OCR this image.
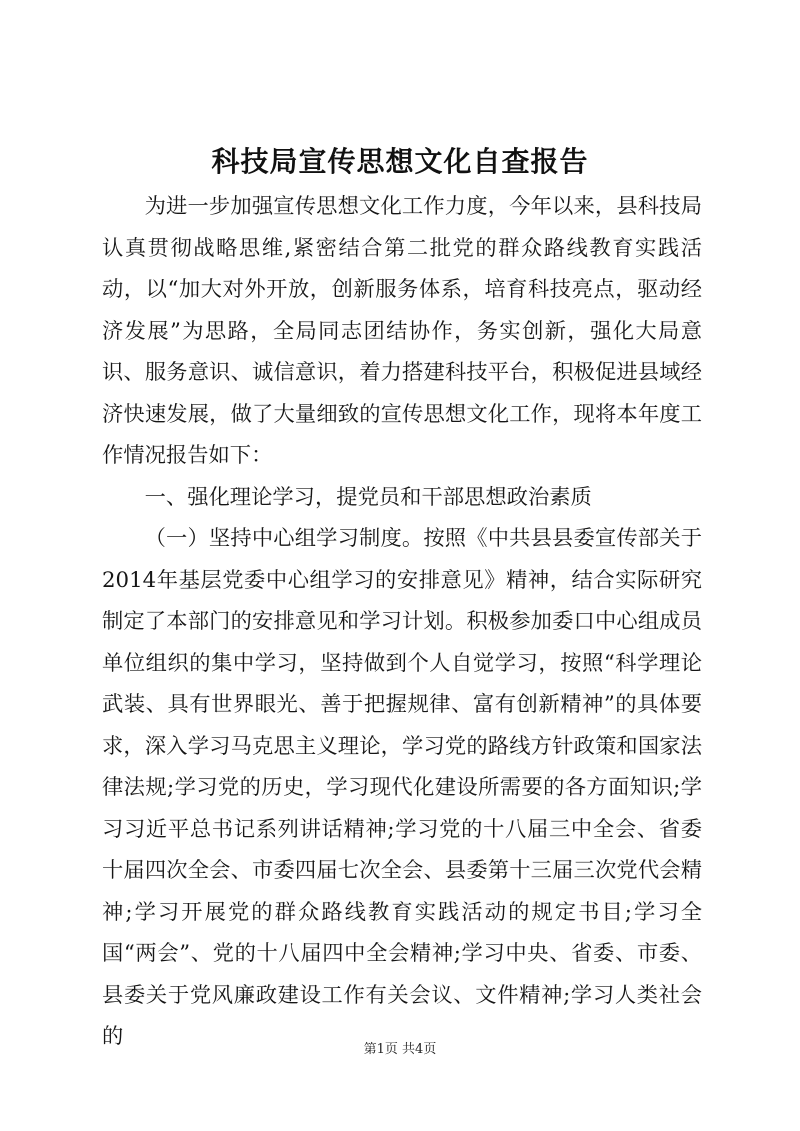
科技局宣传思想文化自查报告

为进一步加强宣传思想文化工作力度，今年以来，县科技局认真贯彻战略思维,紧密结合第二批党的群众路线教育实践活动，以“加大对外开放，创新服务体系，培育科技亮点，驱动经济发展”为思路，全局同志团结协作，务实创新，强化大局意识、服务意识、诚信意识，着力搭建科技平台，积极促进县域经济快速发展，做了大量细致的宣传思想文化工作，现将本年度工作情况报告如下：

一、强化理论学习，提党员和干部思想政治素质

（一）坚持中心组学习制度。按照《中共县县委宣传部关于2014年基层党委中心组学习的安排意见》精神，结合实际研究制定了本部门的安排意见和学习计划。积极参加委口中心组成员单位组织的集中学习，坚持做到个人自觉学习，按照“科学理论武装、具有世界眼光、善于把握规律、富有创新精神”的具体要求，深入学习马克思主义理论，学习党的路线方针政策和国家法律法规;学习党的历史，学习现代化建设所需要的各方面知识;学习习近平总书记系列讲话精神;学习党的十八届三中全会、省委十届四次全会、市委四届七次全会、县委第十三届三次党代会精神;学习开展党的群众路线教育实践活动的规定书目;学习全国“两会”、党的十八届四中全会精神;学习中央、省委、市委、县委关于党风廉政建设工作有关会议、文件精神;学习人类社会的

第1页 共4页
